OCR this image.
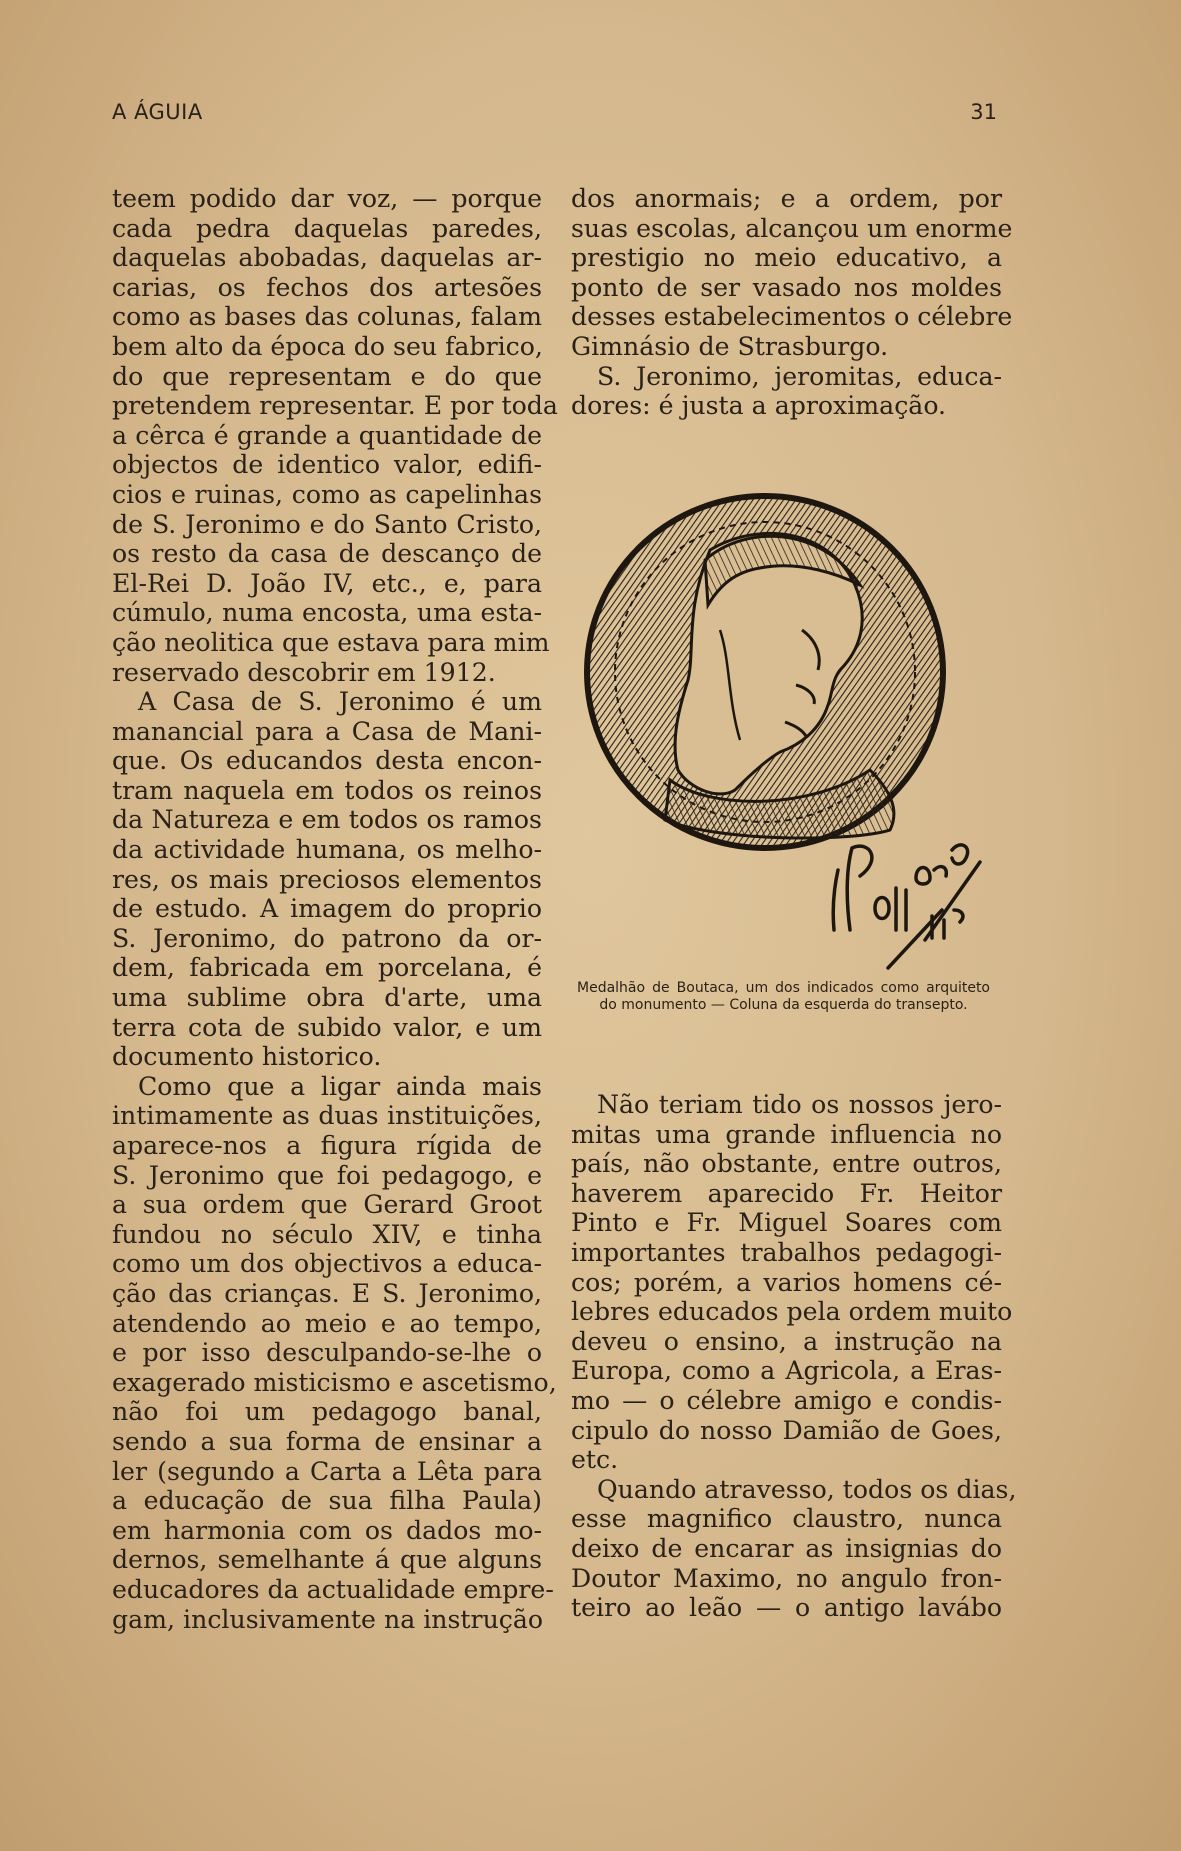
A ÁGUIA	31
teem podido dar voz, — porque
cada pedra daquelas paredes,
daquelas abobadas, daquelas ar-
carias, os fechos dos artesões
como as bases das colunas, falam
bem alto da época do seu fabrico,
do que representam e do que
pretendem representar. E por toda
a cêrca é grande a quantidade de
objectos de identico valor, edifi-
cios e ruinas, como as capelinhas
de S. Jeronimo e do Santo Cristo,
os resto da casa de descanço de
El-Rei D. João IV, etc., e, para
cúmulo, numa encosta, uma esta-
ção neolitica que estava para mim
reservado descobrir em 1912.
A Casa de S. Jeronimo é um
manancial para a Casa de Mani-
que. Os educandos desta encon-
tram naquela em todos os reinos
da Natureza e em todos os ramos
da actividade humana, os melho-
res, os mais preciosos elementos
de estudo. A imagem do proprio
S. Jeronimo, do patrono da or-
dem, fabricada em porcelana, é
uma sublime obra d'arte, uma
terra cota de subido valor, e um
documento historico.
Como que a ligar ainda mais
intimamente as duas instituições,
aparece-nos a figura rígida de
S. Jeronimo que foi pedagogo, e
a sua ordem que Gerard Groot
fundou no século XIV, e tinha
como um dos objectivos a educa-
ção das crianças. E S. Jeronimo,
atendendo ao meio e ao tempo,
e por isso desculpando-se-lhe o
exagerado misticismo e ascetismo,
não foi um pedagogo banal,
sendo a sua forma de ensinar a
ler (segundo a Carta a Lêta para
a educação de sua filha Paula)
em harmonia com os dados mo-
dernos, semelhante á que alguns
educadores da actualidade empre-
gam, inclusivamente na instrução
dos anormais; e a ordem, por
suas escolas, alcançou um enorme
prestigio no meio educativo, a
ponto de ser vasado nos moldes
desses estabelecimentos o célebre
Gimnásio de Strasburgo.
S. Jeronimo, jeromitas, educa-
dores: é justa a aproximação.
Medalhão de Boutaca, um dos indicados como arquiteto do monumento — Coluna da esquerda do transepto.
Não teriam tido os nossos jero-
mitas uma grande influencia no
país, não obstante, entre outros,
haverem aparecido Fr. Heitor
Pinto e Fr. Miguel Soares com
importantes trabalhos pedagogi-
cos; porém, a varios homens cé-
lebres educados pela ordem muito
deveu o ensino, a instrução na
Europa, como a Agricola, a Eras-
mo — o célebre amigo e condis-
cipulo do nosso Damião de Goes,
etc.
Quando atravesso, todos os dias,
esse magnifico claustro, nunca
deixo de encarar as insignias do
Doutor Maximo, no angulo fron-
teiro ao leão — o antigo lavábo
